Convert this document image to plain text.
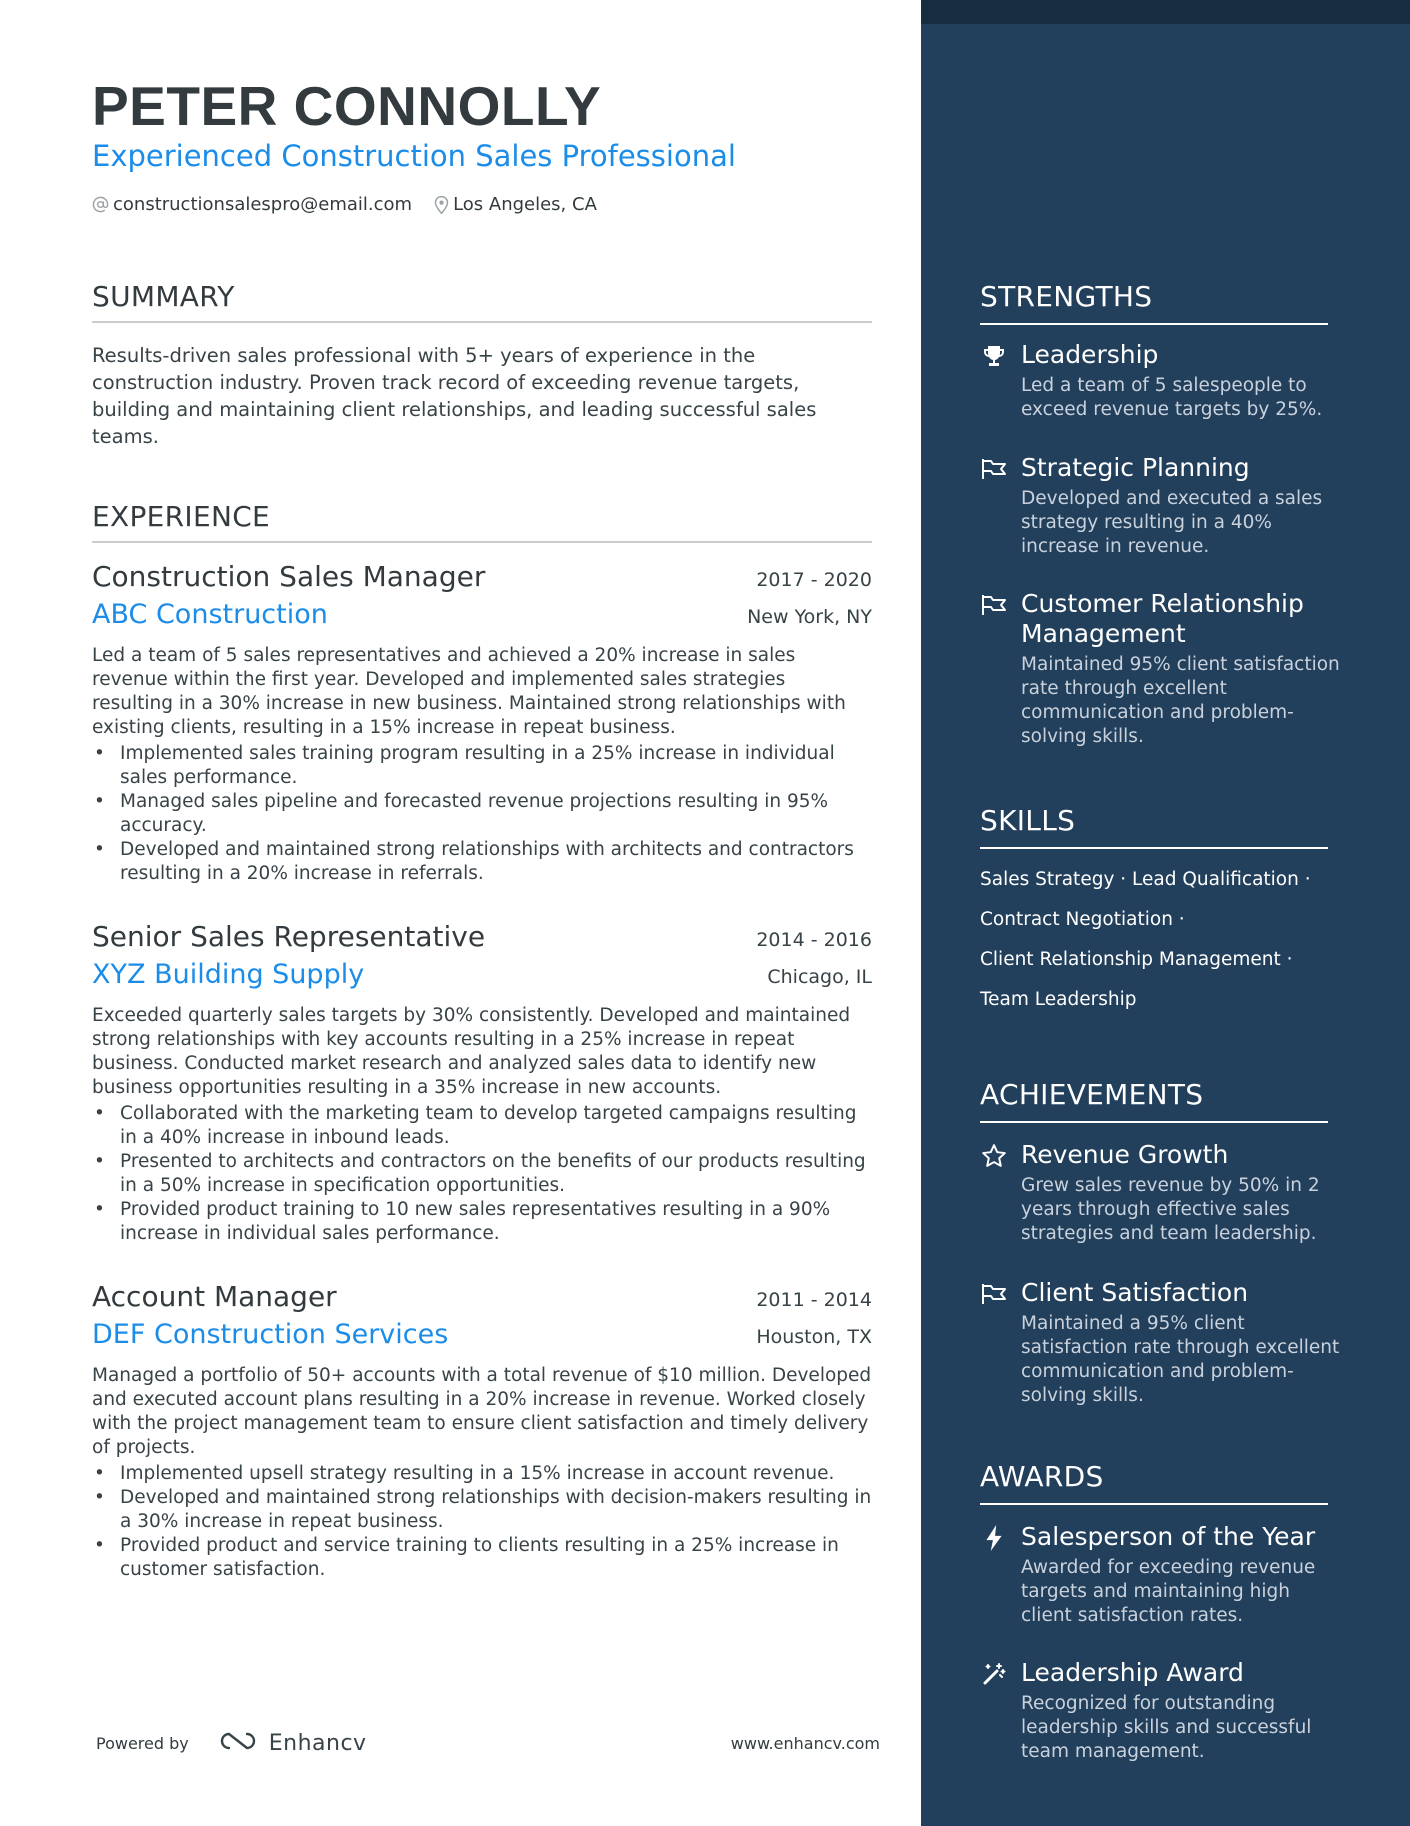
PETER CONNOLLY
Experienced Construction Sales Professional
constructionsalespro@email.com Los Angeles, CA
SUMMARY
Results-driven sales professional with 5+ years of experience in the construction industry. Proven track record of exceeding revenue targets, building and maintaining client relationships, and leading successful sales teams.
EXPERIENCE
Construction Sales Manager	2017 - 2020
ABC Construction	New York, NY
Led a team of 5 sales representatives and achieved a 20% increase in sales revenue within the first year. Developed and implemented sales strategies resulting in a 30% increase in new business. Maintained strong relationships with existing clients, resulting in a 15% increase in repeat business.
• Implemented sales training program resulting in a 25% increase in individual sales performance.
• Managed sales pipeline and forecasted revenue projections resulting in 95% accuracy.
• Developed and maintained strong relationships with architects and contractors resulting in a 20% increase in referrals.
Senior Sales Representative	2014 - 2016
XYZ Building Supply	Chicago, IL
Exceeded quarterly sales targets by 30% consistently. Developed and maintained strong relationships with key accounts resulting in a 25% increase in repeat business. Conducted market research and analyzed sales data to identify new business opportunities resulting in a 35% increase in new accounts.
• Collaborated with the marketing team to develop targeted campaigns resulting in a 40% increase in inbound leads.
• Presented to architects and contractors on the benefits of our products resulting in a 50% increase in specification opportunities.
• Provided product training to 10 new sales representatives resulting in a 90% increase in individual sales performance.
Account Manager	2011 - 2014
DEF Construction Services	Houston, TX
Managed a portfolio of 50+ accounts with a total revenue of $10 million. Developed and executed account plans resulting in a 20% increase in revenue. Worked closely with the project management team to ensure client satisfaction and timely delivery of projects.
• Implemented upsell strategy resulting in a 15% increase in account revenue.
• Developed and maintained strong relationships with decision-makers resulting in a 30% increase in repeat business.
• Provided product and service training to clients resulting in a 25% increase in customer satisfaction.
Powered by	Enhancv	www.enhancv.com
STRENGTHS
Leadership
Led a team of 5 salespeople to exceed revenue targets by 25%.
Strategic Planning
Developed and executed a sales strategy resulting in a 40% increase in revenue.
Customer Relationship Management
Maintained 95% client satisfaction rate through excellent communication and problem-solving skills.
SKILLS
Sales Strategy · Lead Qualification ·
Contract Negotiation ·
Client Relationship Management ·
Team Leadership
ACHIEVEMENTS
Revenue Growth
Grew sales revenue by 50% in 2 years through effective sales strategies and team leadership.
Client Satisfaction
Maintained a 95% client satisfaction rate through excellent communication and problem-solving skills.
AWARDS
Salesperson of the Year
Awarded for exceeding revenue targets and maintaining high client satisfaction rates.
Leadership Award
Recognized for outstanding leadership skills and successful team management.
